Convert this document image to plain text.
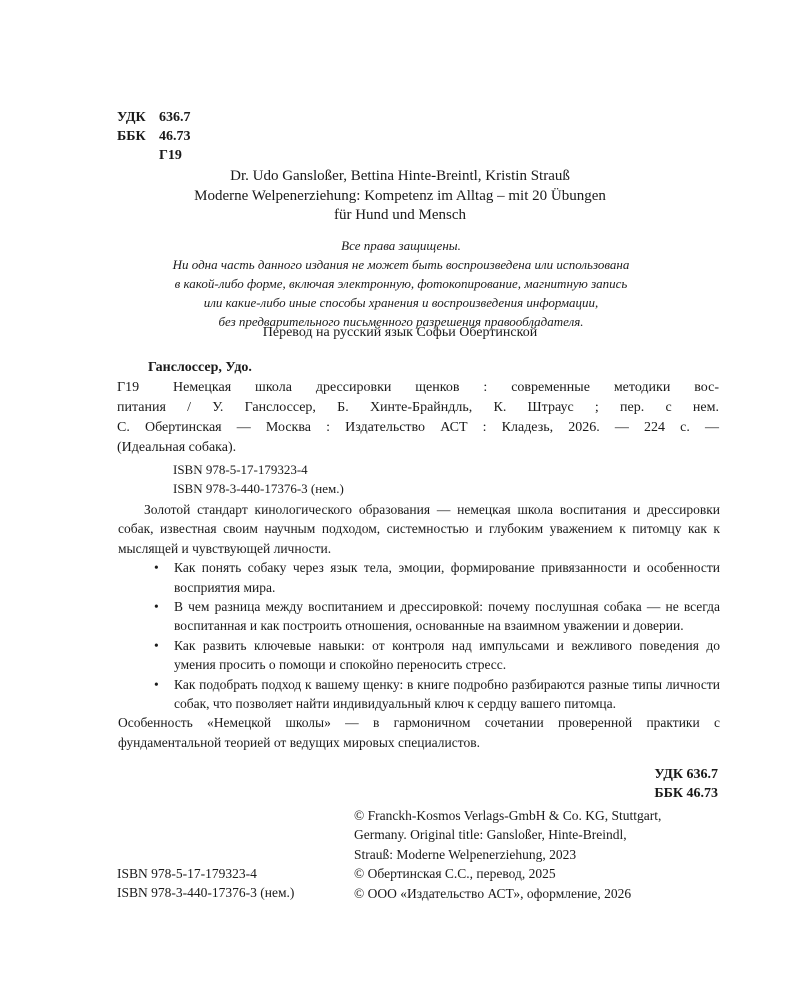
УДК 636.7
ББК 46.73
Г19
Dr. Udo Gansloßer, Bettina Hinte-Breintl, Kristin Strauß
Moderne Welpenerziehung: Kompetenz im Alltag – mit 20 Übungen
für Hund und Mensch
Все права защищены.
Ни одна часть данного издания не может быть воспроизведена или использована
в какой-либо форме, включая электронную, фотокопирование, магнитную запись
или какие-либо иные способы хранения и воспроизведения информации,
без предварительного письменного разрешения правообладателя.
Перевод на русский язык Софьи Обертинской
Ганслоссер, Удо.
Г19 Немецкая школа дрессировки щенков : современные методики вос-
питания / У. Ганслоссер, Б. Хинте-Брайндль, К. Штраус ; пер. с нем.
С. Обертинская — Москва : Издательство АСТ : Кладезь, 2026. — 224 с. —
(Идеальная собака).
ISBN 978-5-17-179323-4
ISBN 978-3-440-17376-3 (нем.)

Золотой стандарт кинологического образования — немецкая школа воспитания и дрессировки собак, известная своим научным подходом, системностью и глубоким уважением к питомцу как к мыслящей и чувствующей личности.

• Как понять собаку через язык тела, эмоции, формирование привязанности и особенности восприятия мира.
• В чем разница между воспитанием и дрессировкой: почему послушная собака — не всегда воспитанная и как построить отношения, основанные на взаимном уважении и доверии.
• Как развить ключевые навыки: от контроля над импульсами и вежливого поведения до умения просить о помощи и спокойно переносить стресс.
• Как подобрать подход к вашему щенку: в книге подробно разбираются разные типы личности собак, что позволяет найти индивидуальный ключ к сердцу вашего питомца.

Особенность «Немецкой школы» — в гармоничном сочетании проверенной практики с фундаментальной теорией от ведущих мировых специалистов.

УДК 636.7
ББК 46.73
© Franckh-Kosmos Verlags-GmbH & Co. KG, Stuttgart,
Germany. Original title: Gansloßer, Hinte-Breindl,
Strauß: Moderne Welpenerziehung, 2023
© Обертинская С.С., перевод, 2025
© ООО «Издательство АСТ», оформление, 2026
ISBN 978-5-17-179323-4
ISBN 978-3-440-17376-3 (нем.)
